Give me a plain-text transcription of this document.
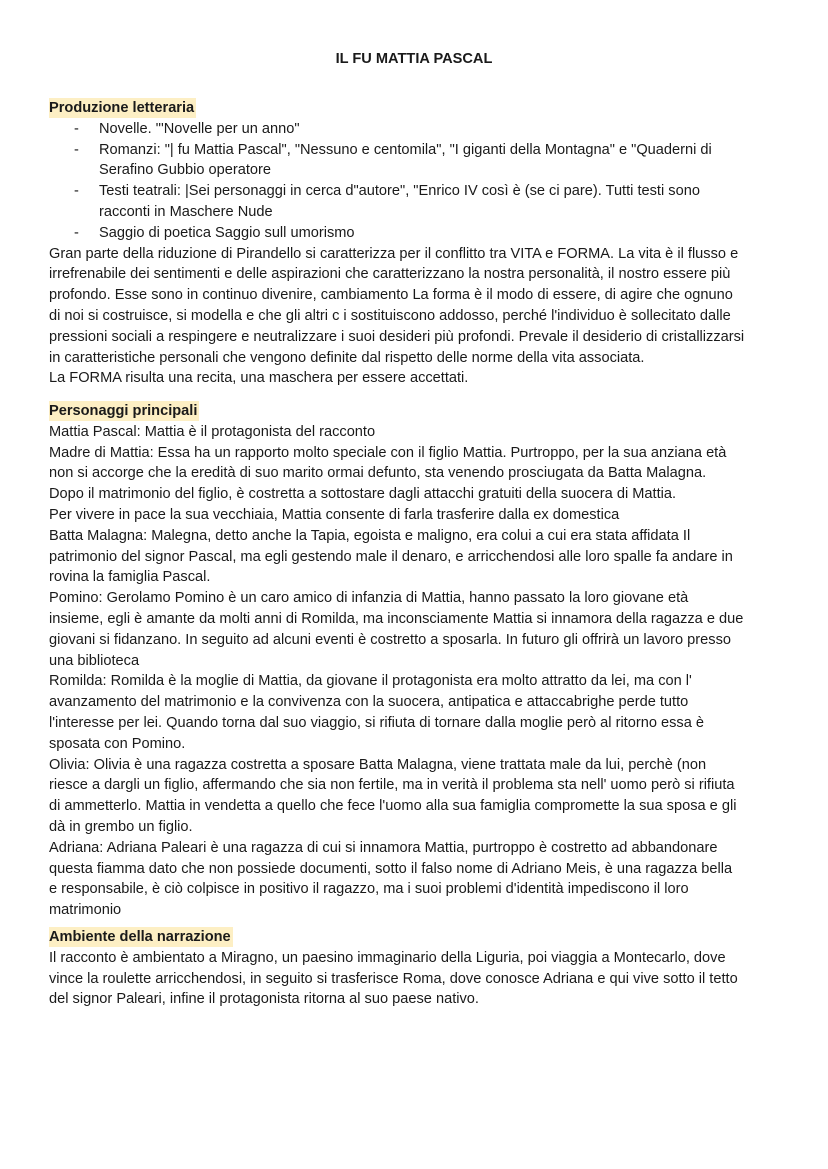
IL FU MATTIA PASCAL
Produzione letteraria
- Novelle. "'Novelle per un anno"
- Romanzi: "| fu Mattia Pascal", "Nessuno e centomila", "I giganti della Montagna" e "Quaderni di
Serafino Gubbio operatore
- Testi teatrali: |Sei personaggi in cerca d"autore", "Enrico IV così è (se ci pare). Tutti testi sono
racconti in Maschere Nude
- Saggio di poetica Saggio sull umorismo
Gran parte della riduzione di Pirandello si caratterizza per il conflitto tra VITA e FORMA. La vita è il flusso e
irrefrenabile dei sentimenti e delle aspirazioni che caratterizzano la nostra personalità, il nostro essere più
profondo. Esse sono in continuo divenire, cambiamento La forma è il modo di essere, di agire che ognuno
di noi si costruisce, si modella e che gli altri c i sostituiscono addosso, perché l'individuo è sollecitato dalle
pressioni sociali a respingere e neutralizzare i suoi desideri più profondi. Prevale il desiderio di cristallizzarsi
in caratteristiche personali che vengono definite dal rispetto delle norme della vita associata.
La FORMA risulta una recita, una maschera per essere accettati.
Personaggi principali
Mattia Pascal: Mattia è il protagonista del racconto
Madre di Mattia: Essa ha un rapporto molto speciale con il figlio Mattia. Purtroppo, per la sua anziana età
non si accorge che la eredità di suo marito ormai defunto, sta venendo prosciugata da Batta Malagna.
Dopo il matrimonio del figlio, è costretta a sottostare dagli attacchi gratuiti della suocera di Mattia.
Per vivere in pace la sua vecchiaia, Mattia consente di farla trasferire dalla ex domestica
Batta Malagna: Malegna, detto anche la Tapia, egoista e maligno, era colui a cui era stata affidata Il
patrimonio del signor Pascal, ma egli gestendo male il denaro, e arricchendosi alle loro spalle fa andare in
rovina la famiglia Pascal.
Pomino: Gerolamo Pomino è un caro amico di infanzia di Mattia, hanno passato la loro giovane età
insieme, egli è amante da molti anni di Romilda, ma inconsciamente Mattia si innamora della ragazza e due
giovani si fidanzano. In seguito ad alcuni eventi è costretto a sposarla. In futuro gli offrirà un lavoro presso
una biblioteca
Romilda: Romilda è la moglie di Mattia, da giovane il protagonista era molto attratto da lei, ma con l'
avanzamento del matrimonio e la convivenza con la suocera, antipatica e attaccabrighe perde tutto
l'interesse per lei. Quando torna dal suo viaggio, si rifiuta di tornare dalla moglie però al ritorno essa è
sposata con Pomino.
Olivia: Olivia è una ragazza costretta a sposare Batta Malagna, viene trattata male da lui, perchè (non
riesce a dargli un figlio, affermando che sia non fertile, ma in verità il problema sta nell' uomo però si rifiuta
di ammetterlo. Mattia in vendetta a quello che fece l'uomo alla sua famiglia compromette la sua sposa e gli
dà in grembo un figlio.
Adriana: Adriana Paleari è una ragazza di cui si innamora Mattia, purtroppo è costretto ad abbandonare
questa fiamma dato che non possiede documenti, sotto il falso nome di Adriano Meis, è una ragazza bella
e responsabile, è ciò colpisce in positivo il ragazzo, ma i suoi problemi d'identità impediscono il loro
matrimonio
Ambiente della narrazione
Il racconto è ambientato a Miragno, un paesino immaginario della Liguria, poi viaggia a Montecarlo, dove
vince la roulette arricchendosi, in seguito si trasferisce Roma, dove conosce Adriana e qui vive sotto il tetto
del signor Paleari, infine il protagonista ritorna al suo paese nativo.
